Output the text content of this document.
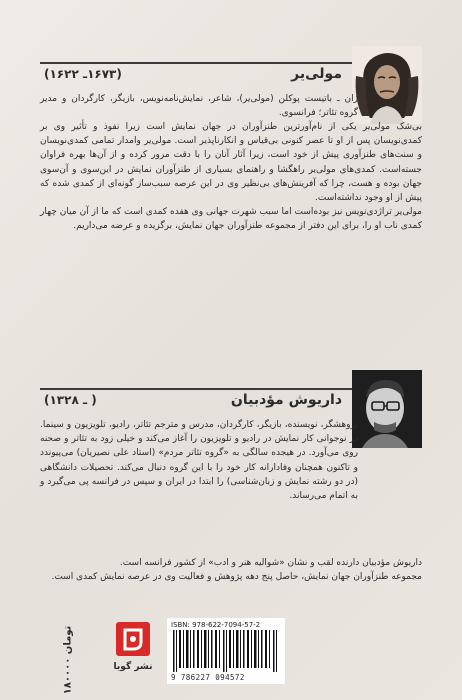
مولی‌یر
(۱۶۷۳ـ ۱۶۲۲)

ژان ـ باتیست پوکلن (مولی‌یر)، شاعر، نمایش‌نامه‌نویس، بازیگر، کارگردان و مدیر گروه تئاتر؛ فرانسوی.

بی‌شک مولی‌یر یکی از نام‌آورترین طنزآوران در جهان نمایش است زیرا نفوذ و تأثیر وی بر کمدی‌نویسان پس از او تا عصر کنونی بی‌قیاس و انکارناپذیر است. مولی‌یر وامدار تمامی کمدی‌نویسان و سنت‌های طنزآوری پیش از خود است، زیرا آثار آنان را با دقت مرور کرده و از آن‌ها بهره فراوان جسته‌است. کمدی‌های مولی‌یر راهگشا و راهنمای بسیاری از طنزآوران نمایش در این‌سوی و آن‌سوی جهان بوده و هست، چرا که آفرینش‌های بی‌نظیر وی در این عرصه سبب‌ساز گونه‌ای از کمدی شده که پیش از او وجود نداشته‌است.

مولی‌یر تراژدی‌نویس نیز بوده‌است اما سبب شهرت جهانی وی هفده کمدی است که ما از آن میان چهار کمدی ناب او را، برای این دفتر از مجموعه طنزآوران جهان نمایش، برگزیده و عرضه می‌داریم.

داریوش مؤدبیان
( ـ ۱۳۲۸)

پژوهشگر، نویسنده، بازیگر، کارگردان، مدرس و مترجم تئاتر، رادیو، تلویزیون و سینما. در نوجوانی کار نمایش در رادیو و تلویزیون را آغاز می‌کند و خیلی زود به تئاتر و صحنه روی می‌آورد. در هیجده سالگی به «گروه تئاتر مردم» (استاد علی نصیریان) می‌پیوندد و تاکنون همچنان وفادارانه کار خود را با این گروه دنبال می‌کند. تحصیلات دانشگاهی (در دو رشته نمایش و زبان‌شناسی) را ابتدا در ایران و سپس در فرانسه پی می‌گیرد و به اتمام می‌رساند.

داریوش مؤدبیان دارنده لقب و نشان «شوالیه هنر و ادب» از کشور فرانسه است.

مجموعه طنزآوران جهان نمایش، حاصل پنج دهه پژوهش و فعالیت وی در عرصه نمایش کمدی است.

۱۸۰۰۰۰ تومان
نشر گویا
ISBN: 978-622-7094-57-2
9 786227 094572
